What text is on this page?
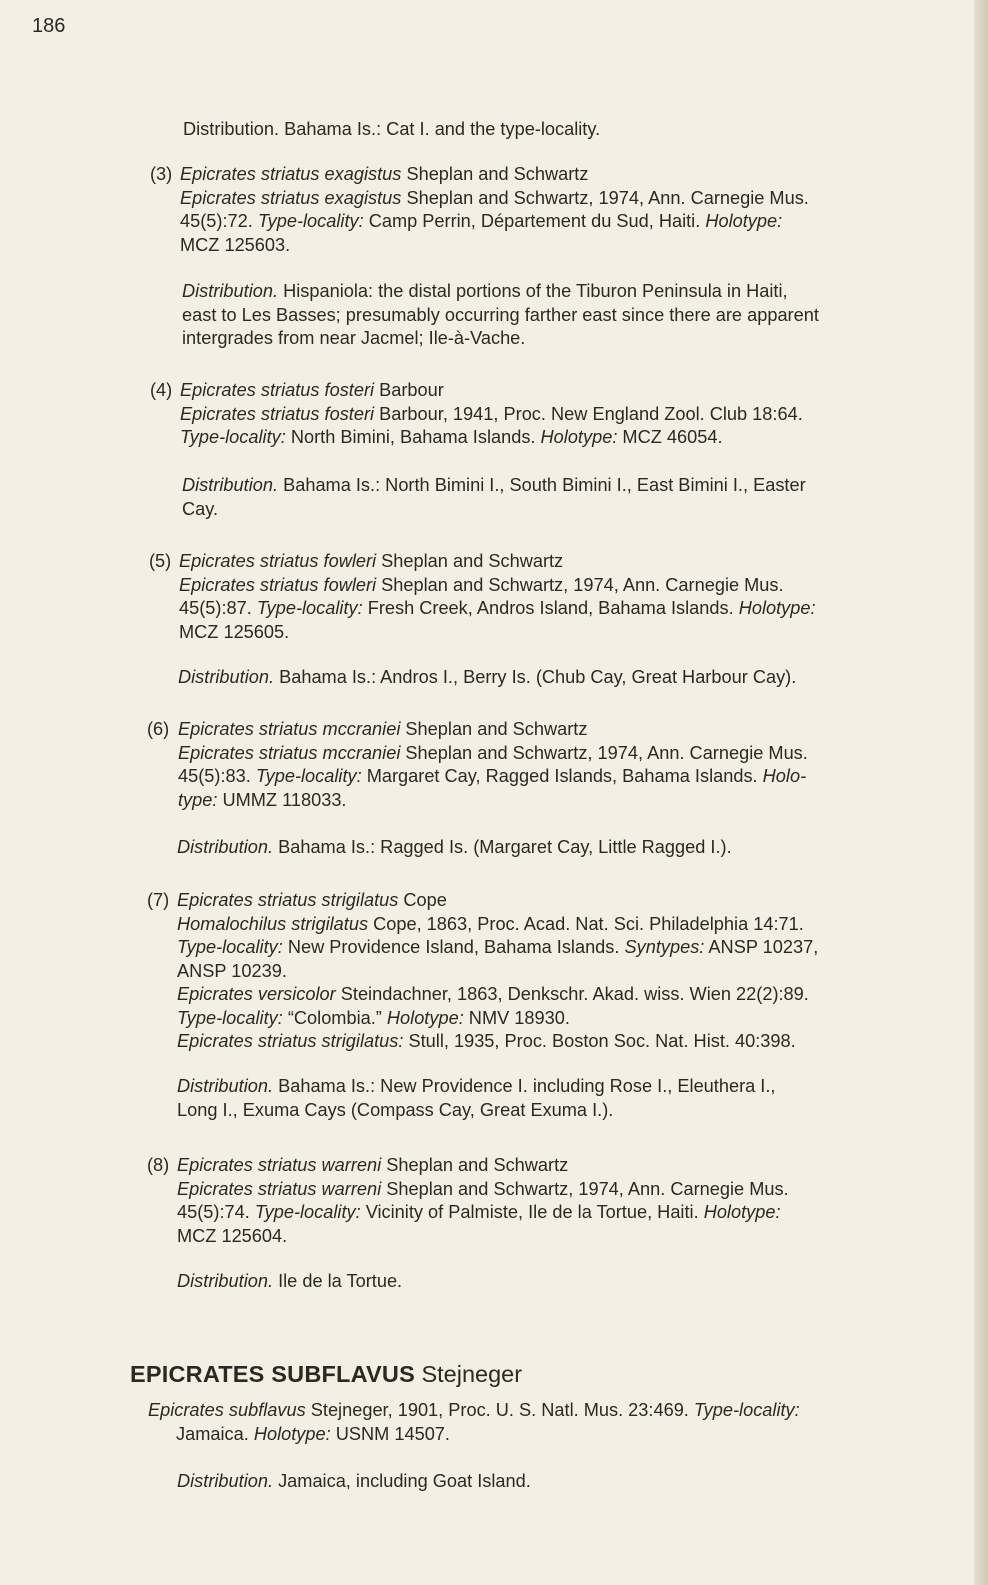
186
Distribution. Bahama Is.: Cat I. and the type-locality.
(3) Epicrates striatus exagistus Sheplan and Schwartz
Epicrates striatus exagistus Sheplan and Schwartz, 1974, Ann. Carnegie Mus.
45(5):72. Type-locality: Camp Perrin, Département du Sud, Haiti. Holotype:
MCZ 125603.
Distribution. Hispaniola: the distal portions of the Tiburon Peninsula in Haiti,
east to Les Basses; presumably occurring farther east since there are apparent
intergrades from near Jacmel; Ile-à-Vache.
(4) Epicrates striatus fosteri Barbour
Epicrates striatus fosteri Barbour, 1941, Proc. New England Zool. Club 18:64.
Type-locality: North Bimini, Bahama Islands. Holotype: MCZ 46054.
Distribution. Bahama Is.: North Bimini I., South Bimini I., East Bimini I., Easter
Cay.
(5) Epicrates striatus fowleri Sheplan and Schwartz
Epicrates striatus fowleri Sheplan and Schwartz, 1974, Ann. Carnegie Mus.
45(5):87. Type-locality: Fresh Creek, Andros Island, Bahama Islands. Holotype:
MCZ 125605.
Distribution. Bahama Is.: Andros I., Berry Is. (Chub Cay, Great Harbour Cay).
(6) Epicrates striatus mccraniei Sheplan and Schwartz
Epicrates striatus mccraniei Sheplan and Schwartz, 1974, Ann. Carnegie Mus.
45(5):83. Type-locality: Margaret Cay, Ragged Islands, Bahama Islands. Holo-
type: UMMZ 118033.
Distribution. Bahama Is.: Ragged Is. (Margaret Cay, Little Ragged I.).
(7) Epicrates striatus strigilatus Cope
Homalochilus strigilatus Cope, 1863, Proc. Acad. Nat. Sci. Philadelphia 14:71.
Type-locality: New Providence Island, Bahama Islands. Syntypes: ANSP 10237,
ANSP 10239.
Epicrates versicolor Steindachner, 1863, Denkschr. Akad. wiss. Wien 22(2):89.
Type-locality: “Colombia.” Holotype: NMV 18930.
Epicrates striatus strigilatus: Stull, 1935, Proc. Boston Soc. Nat. Hist. 40:398.
Distribution. Bahama Is.: New Providence I. including Rose I., Eleuthera I.,
Long I., Exuma Cays (Compass Cay, Great Exuma I.).
(8) Epicrates striatus warreni Sheplan and Schwartz
Epicrates striatus warreni Sheplan and Schwartz, 1974, Ann. Carnegie Mus.
45(5):74. Type-locality: Vicinity of Palmiste, Ile de la Tortue, Haiti. Holotype:
MCZ 125604.
Distribution. Ile de la Tortue.
EPICRATES SUBFLAVUS Stejneger
Epicrates subflavus Stejneger, 1901, Proc. U. S. Natl. Mus. 23:469. Type-locality:
Jamaica. Holotype: USNM 14507.
Distribution. Jamaica, including Goat Island.
